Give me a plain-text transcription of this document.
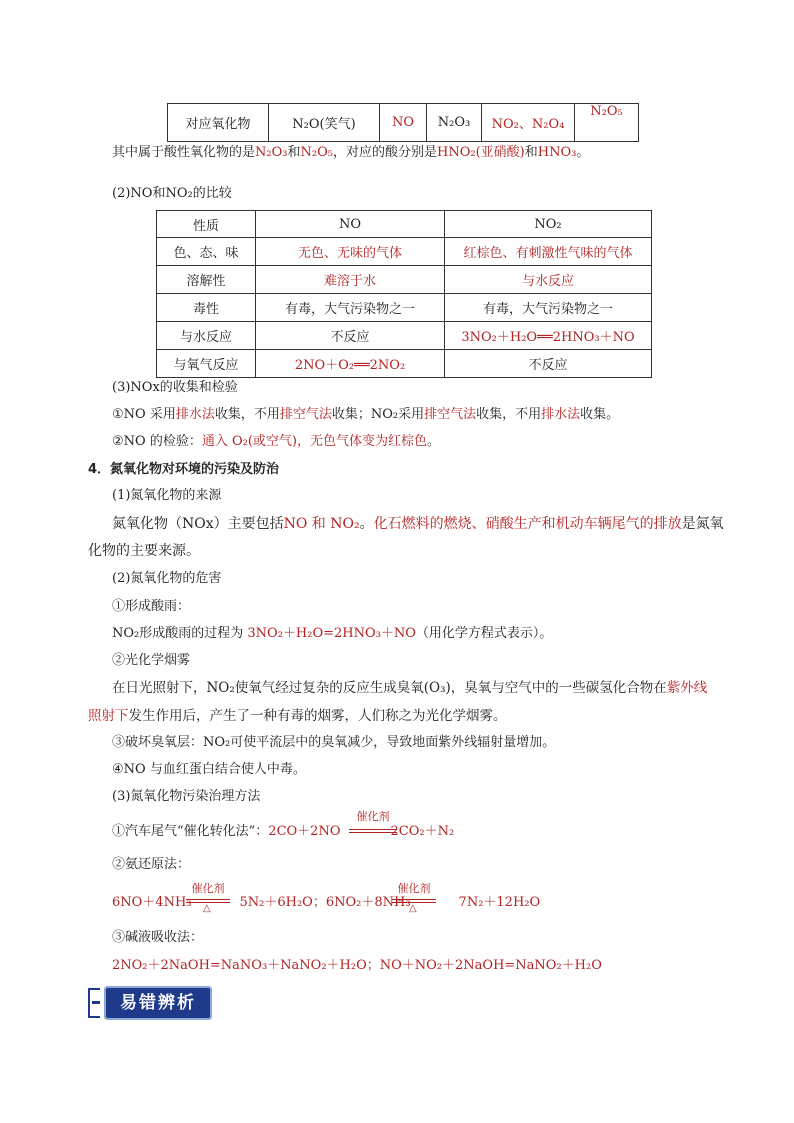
对应氧化物	N₂O(笑气)	NO	N₂O₃	NO₂、N₂O₄	N₂O₅
其中属于酸性氧化物的是N₂O₃和N₂O₅，对应的酸分别是HNO₂(亚硝酸)和HNO₃。
(2)NO和NO₂的比较
性质	NO	NO₂
色、态、味	无色、无味的气体	红棕色、有刺激性气味的气体
溶解性	难溶于水	与水反应
毒性	有毒，大气污染物之一	有毒，大气污染物之一
与水反应	不反应	3NO₂＋H₂O══2HNO₃＋NO
与氧气反应	2NO＋O₂══2NO₂	不反应
(3)NOx的收集和检验
①NO 采用排水法收集，不用排空气法收集；NO₂采用排空气法收集，不用排水法收集。
②NO 的检验：通入 O₂(或空气)，无色气体变为红棕色。
4．氮氧化物对环境的污染及防治
(1)氮氧化物的来源
氮氧化物（NOx）主要包括NO 和 NO₂。化石燃料的燃烧、硝酸生产和机动车辆尾气的排放是氮氧
化物的主要来源。
(2)氮氧化物的危害
①形成酸雨：
NO₂形成酸雨的过程为 3NO₂＋H₂O=2HNO₃＋NO（用化学方程式表示）。
②光化学烟雾
在日光照射下，NO₂使氧气经过复杂的反应生成臭氧(O₃)，臭氧与空气中的一些碳氢化合物在紫外线
照射下发生作用后，产生了一种有毒的烟雾，人们称之为光化学烟雾。
③破坏臭氧层：NO₂可使平流层中的臭氧减少，导致地面紫外线辐射量增加。
④NO 与血红蛋白结合使人中毒。
(3)氮氧化物污染治理方法
①汽车尾气“催化转化法”：2CO＋2NO	2CO₂＋N₂
催化剂
②氨还原法：
6NO＋4NH₃	5N₂＋6H₂O；6NO₂＋8NH₃	7N₂＋12H₂O
催化剂
△
催化剂
△
③碱液吸收法：
2NO₂＋2NaOH=NaNO₃＋NaNO₂＋H₂O；NO＋NO₂＋2NaOH=NaNO₂＋H₂O
易错辨析
